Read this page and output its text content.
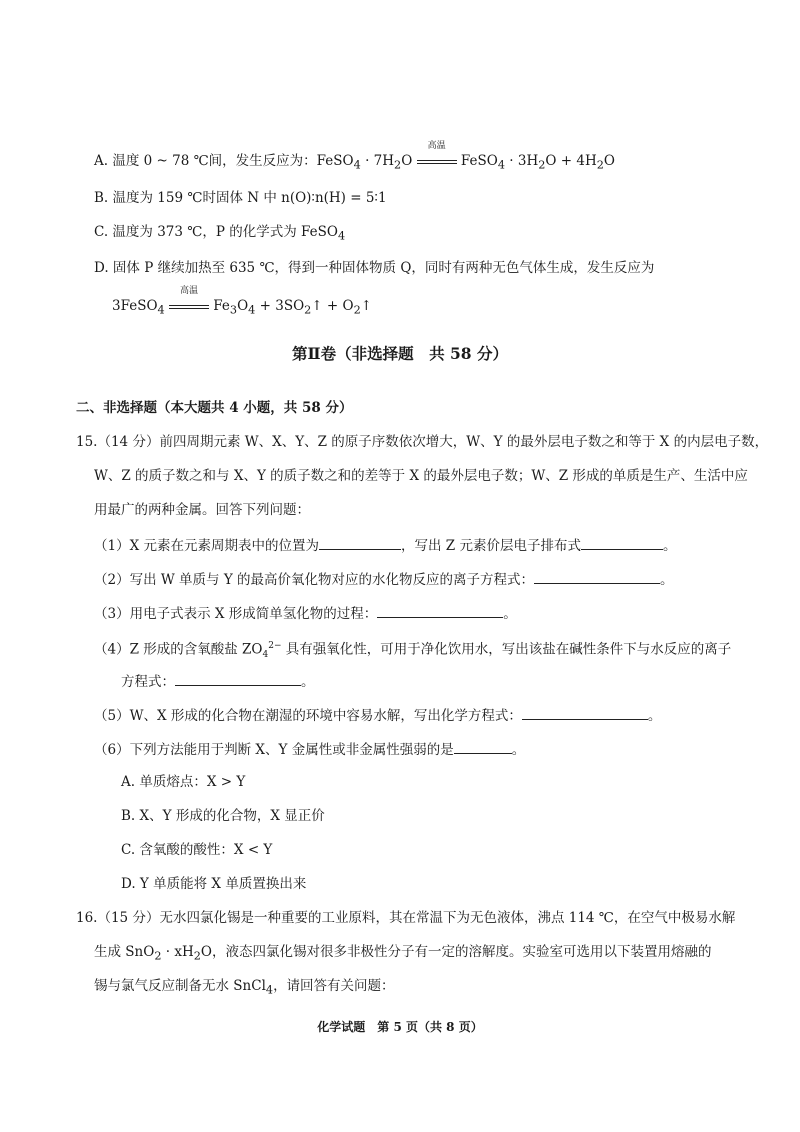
A. 温度 0 ~ 78 ℃间，发生反应为：FeSO$_4$ · $7H_2O$
高温
FeSO$_4$ · $3H_2O + 4H_2O$
B. 温度为 159 ℃时固体 N 中 n(O)∶n(H) = 5∶1
C. 温度为 373 ℃，P 的化学式为 FeSO$_4$
D. 固体 P 继续加热至 635 ℃，得到一种固体物质 Q，同时有两种无色气体生成，发生反应为
3FeSO$_4$
高温
$Fe_3O_4$ + $3SO_2↑$ + $O_2↑$
第Ⅱ卷（非选择题　共 58 分）
二、非选择题（本大题共 4 小题，共 58 分）
15.（14 分）前四周期元素 W、X、Y、Z 的原子序数依次增大，W、Y 的最外层电子数之和等于 X 的内层电子数，
W、Z 的质子数之和与 X、Y 的质子数之和的差等于 X 的最外层电子数；W、Z 形成的单质是生产、生活中应
用最广的两种金属。回答下列问题：
（1）X 元素在元素周期表中的位置为	，写出 Z 元素价层电子排布式	。
（2）写出 W 单质与 Y 的最高价氧化物对应的水化物反应的离子方程式：	。
（3）用电子式表示 X 形成简单氢化物的过程：	。
（4）Z 形成的含氧酸盐 $ZO_4^{2-}$ 具有强氧化性，可用于净化饮用水，写出该盐在碱性条件下与水反应的离子
方程式：	。
（5）W、X 形成的化合物在潮湿的环境中容易水解，写出化学方程式：	。
（6）下列方法能用于判断 X、Y 金属性或非金属性强弱的是	。
A. 单质熔点：X > Y
B. X、Y 形成的化合物，X 显正价
C. 含氧酸的酸性：X < Y
D. Y 单质能将 X 单质置换出来
16.（15 分）无水四氯化锡是一种重要的工业原料，其在常温下为无色液体，沸点 114 ℃，在空气中极易水解
生成 $SnO_2 \cdot xH_2O$，液态四氯化锡对很多非极性分子有一定的溶解度。实验室可选用以下装置用熔融的
锡与氯气反应制备无水 SnCl$_4$，请回答有关问题：
化学试题　第 5 页（共 8 页）
